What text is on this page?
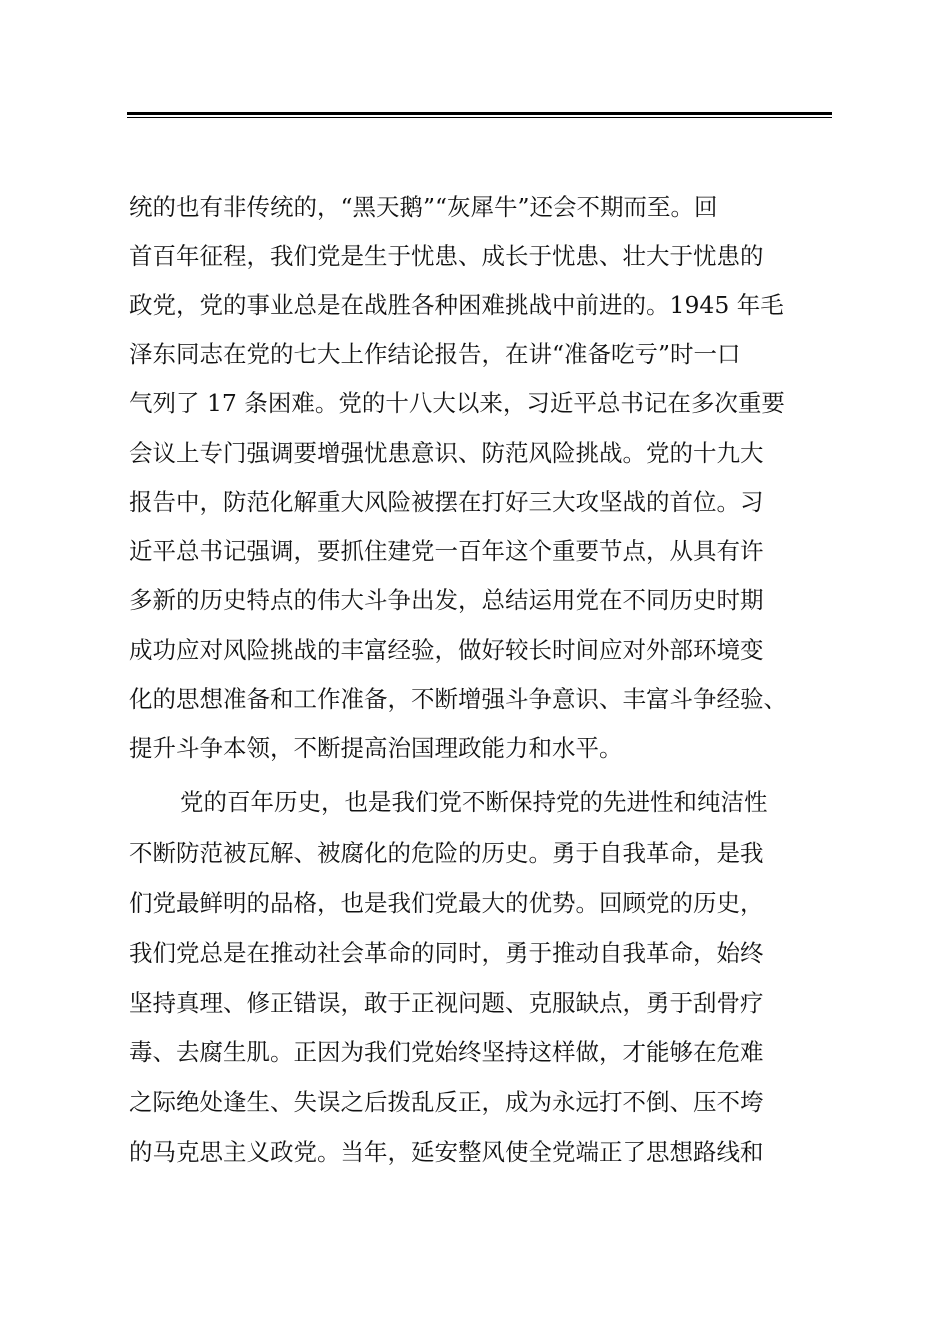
统的也有非传统的，“黑天鹅”“灰犀牛”还会不期而至。回
首百年征程，我们党是生于忧患、成长于忧患、壮大于忧患的
政党，党的事业总是在战胜各种困难挑战中前进的。1945 年毛
泽东同志在党的七大上作结论报告，在讲“准备吃亏”时一口
气列了 17 条困难。党的十八大以来，习近平总书记在多次重要
会议上专门强调要增强忧患意识、防范风险挑战。党的十九大
报告中，防范化解重大风险被摆在打好三大攻坚战的首位。习
近平总书记强调，要抓住建党一百年这个重要节点，从具有许
多新的历史特点的伟大斗争出发，总结运用党在不同历史时期
成功应对风险挑战的丰富经验，做好较长时间应对外部环境变
化的思想准备和工作准备，不断增强斗争意识、丰富斗争经验、
提升斗争本领，不断提高治国理政能力和水平。
党的百年历史，也是我们党不断保持党的先进性和纯洁性
不断防范被瓦解、被腐化的危险的历史。勇于自我革命，是我
们党最鲜明的品格，也是我们党最大的优势。回顾党的历史，
我们党总是在推动社会革命的同时，勇于推动自我革命，始终
坚持真理、修正错误，敢于正视问题、克服缺点，勇于刮骨疗
毒、去腐生肌。正因为我们党始终坚持这样做，才能够在危难
之际绝处逢生、失误之后拨乱反正，成为永远打不倒、压不垮
的马克思主义政党。当年，延安整风使全党端正了思想路线和
